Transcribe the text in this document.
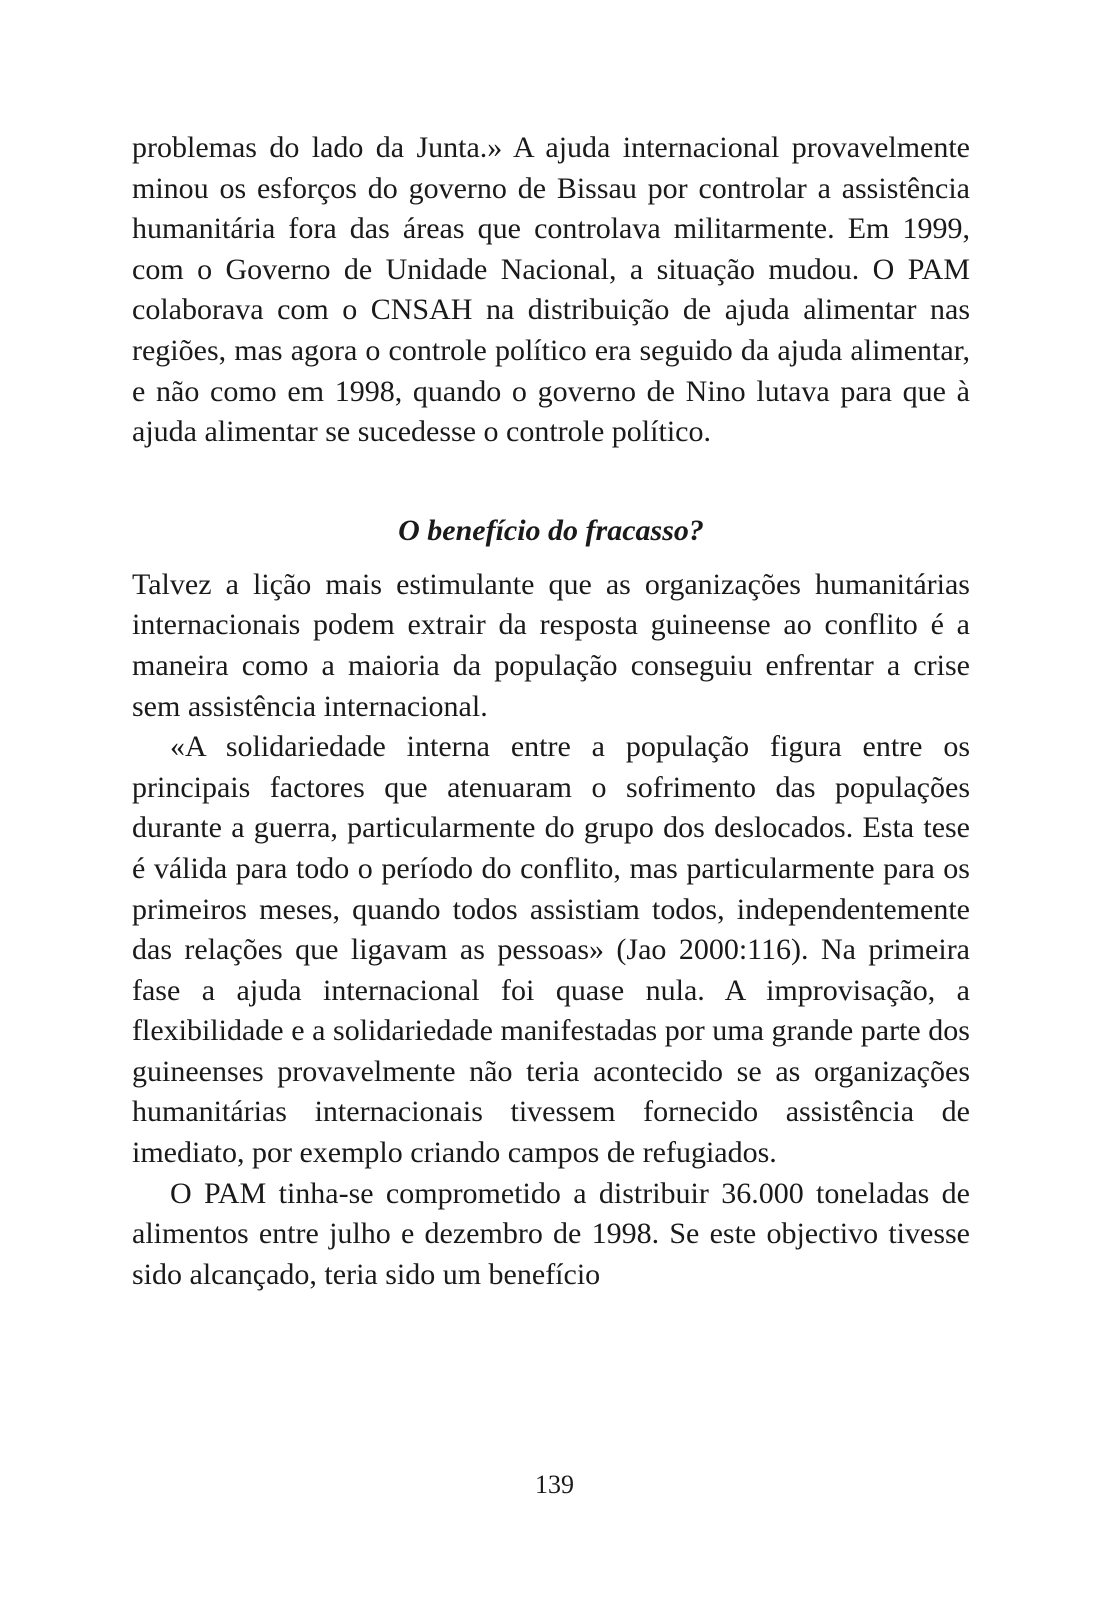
problemas do lado da Junta.» A ajuda internacional provavelmente minou os esforços do governo de Bissau por controlar a assistência humanitária fora das áreas que controlava militarmente. Em 1999, com o Governo de Unidade Nacional, a situação mudou. O PAM colaborava com o CNSAH na distribuição de ajuda alimentar nas regiões, mas agora o controle político era seguido da ajuda alimentar, e não como em 1998, quando o governo de Nino lutava para que à ajuda alimentar se sucedesse o controle político.

O benefício do fracasso?

Talvez a lição mais estimulante que as organizações humanitárias internacionais podem extrair da resposta guineense ao conflito é a maneira como a maioria da população conseguiu enfrentar a crise sem assistência internacional.

«A solidariedade interna entre a população figura entre os principais factores que atenuaram o sofrimento das populações durante a guerra, particularmente do grupo dos deslocados. Esta tese é válida para todo o período do conflito, mas particularmente para os primeiros meses, quando todos assistiam todos, independentemente das relações que ligavam as pessoas» (Jao 2000:116). Na primeira fase a ajuda internacional foi quase nula. A improvisação, a flexibilidade e a solidariedade manifestadas por uma grande parte dos guineenses provavelmente não teria acontecido se as organizações humanitárias internacionais tivessem fornecido assistência de imediato, por exemplo criando campos de refugiados.

O PAM tinha-se comprometido a distribuir 36.000 toneladas de alimentos entre julho e dezembro de 1998. Se este objectivo tivesse sido alcançado, teria sido um benefício

139
